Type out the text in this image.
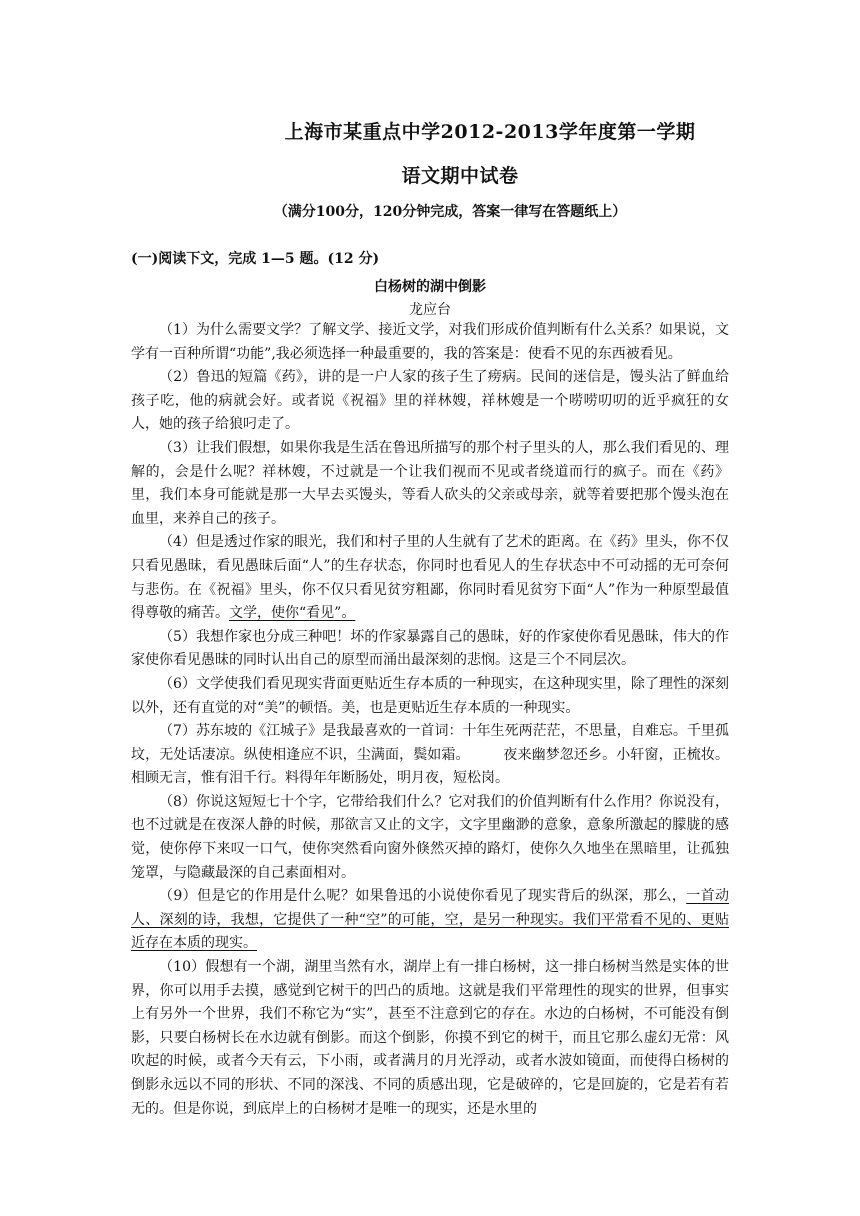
上海市某重点中学2012-2013学年度第一学期
语文期中试卷
（满分100分，120分钟完成，答案一律写在答题纸上）
(一)阅读下文，完成 1—5 题。(12 分)
白杨树的湖中倒影
龙应台

（1）为什么需要文学？了解文学、接近文学，对我们形成价值判断有什么关系？如果说，文学有一百种所谓“功能”,我必须选择一种最重要的，我的答案是：使看不见的东西被看见。

（2）鲁迅的短篇《药》，讲的是一户人家的孩子生了痨病。民间的迷信是，馒头沾了鲜血给孩子吃，他的病就会好。或者说《祝福》里的祥林嫂，祥林嫂是一个唠唠叨叨的近乎疯狂的女人，她的孩子给狼叼走了。

（3）让我们假想，如果你我是生活在鲁迅所描写的那个村子里头的人，那么我们看见的、理解的，会是什么呢？祥林嫂，不过就是一个让我们视而不见或者绕道而行的疯子。而在《药》里，我们本身可能就是那一大早去买馒头，等看人砍头的父亲或母亲，就等着要把那个馒头泡在血里，来养自己的孩子。

（4）但是透过作家的眼光，我们和村子里的人生就有了艺术的距离。在《药》里头，你不仅只看见愚昧，看见愚昧后面“人”的生存状态，你同时也看见人的生存状态中不可动摇的无可奈何与悲伤。在《祝福》里头，你不仅只看见贫穷粗鄙，你同时看见贫穷下面“人”作为一种原型最值得尊敬的痛苦。文学，使你“看见”。

（5）我想作家也分成三种吧！坏的作家暴露自己的愚昧，好的作家使你看见愚昧，伟大的作家使你看见愚昧的同时认出自己的原型而涌出最深刻的悲悯。这是三个不同层次。

（6）文学使我们看见现实背面更贴近生存本质的一种现实，在这种现实里，除了理性的深刻以外，还有直觉的对“美”的顿悟。美，也是更贴近生存本质的一种现实。

（7）苏东坡的《江城子》是我最喜欢的一首词：十年生死两茫茫，不思量，自难忘。千里孤坟，无处话凄凉。纵使相逢应不识，尘满面，鬓如霜。 夜来幽梦忽还乡。小轩窗，正梳妆。相顾无言，惟有泪千行。料得年年断肠处，明月夜，短松岗。

（8）你说这短短七十个字，它带给我们什么？它对我们的价值判断有什么作用？你说没有，也不过就是在夜深人静的时候，那欲言又止的文字，文字里幽渺的意象，意象所激起的朦胧的感觉，使你停下来叹一口气，使你突然看向窗外倏然灭掉的路灯，使你久久地坐在黑暗里，让孤独笼罩，与隐藏最深的自己素面相对。

（9）但是它的作用是什么呢？如果鲁迅的小说使你看见了现实背后的纵深，那么，一首动人、深刻的诗，我想，它提供了一种“空”的可能，空，是另一种现实。我们平常看不见的、更贴近存在本质的现实。

（10）假想有一个湖，湖里当然有水，湖岸上有一排白杨树，这一排白杨树当然是实体的世界，你可以用手去摸，感觉到它树干的凹凸的质地。这就是我们平常理性的现实的世界，但事实上有另外一个世界，我们不称它为“实”，甚至不注意到它的存在。水边的白杨树，不可能没有倒影，只要白杨树长在水边就有倒影。而这个倒影，你摸不到它的树干，而且它那么虚幻无常：风吹起的时候，或者今天有云，下小雨，或者满月的月光浮动，或者水波如镜面，而使得白杨树的倒影永远以不同的形状、不同的深浅、不同的质感出现，它是破碎的，它是回旋的，它是若有若无的。但是你说，到底岸上的白杨树才是唯一的现实，还是水里的
